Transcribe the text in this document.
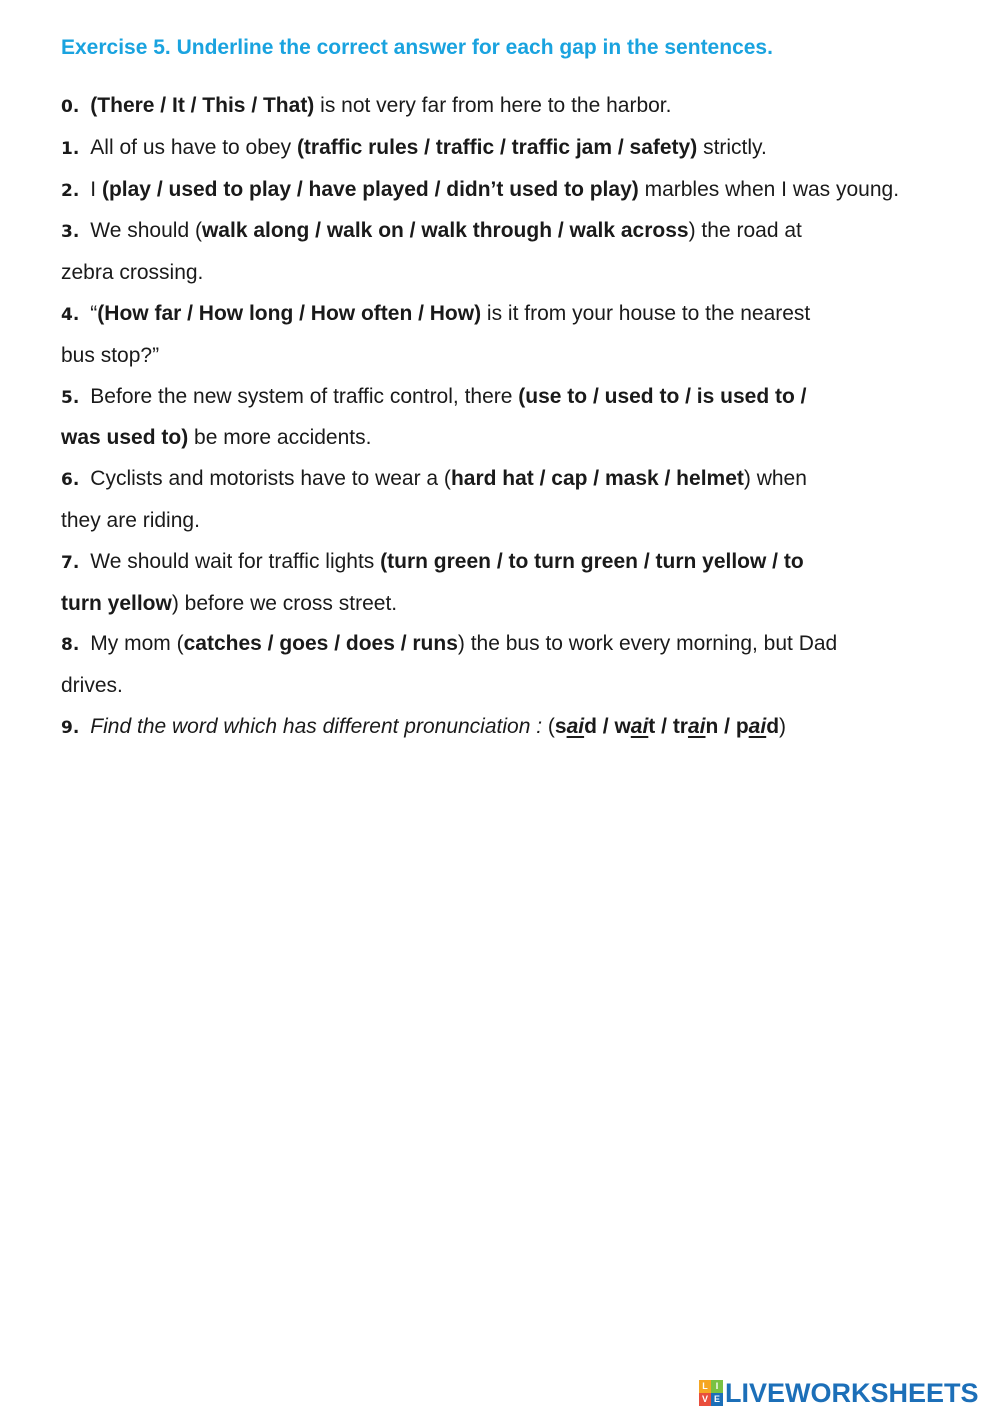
Exercise 5. Underline the correct answer for each gap in the sentences.

0. (There / It / This / That) is not very far from here to the harbor.

1. All of us have to obey (traffic rules / traffic / traffic jam / safety) strictly.

2. I (play / used to play / have played / didn’t used to play) marbles when I was young.

3. We should (walk along / walk on / walk through / walk across) the road at
zebra crossing.

4. “(How far / How long / How often / How) is it from your house to the nearest
bus stop?”

5. Before the new system of traffic control, there (use to / used to / is used to /
was used to) be more accidents.

6. Cyclists and motorists have to wear a (hard hat / cap / mask / helmet) when
they are riding.

7. We should wait for traffic lights (turn green / to turn green / turn yellow / to
turn yellow) before we cross street.

8. My mom (catches / goes / does / runs) the bus to work every morning, but Dad
drives.

9. Find the word which has different pronunciation : (said / wait / train / paid)

L I
V E LIVEWORKSHEETS
